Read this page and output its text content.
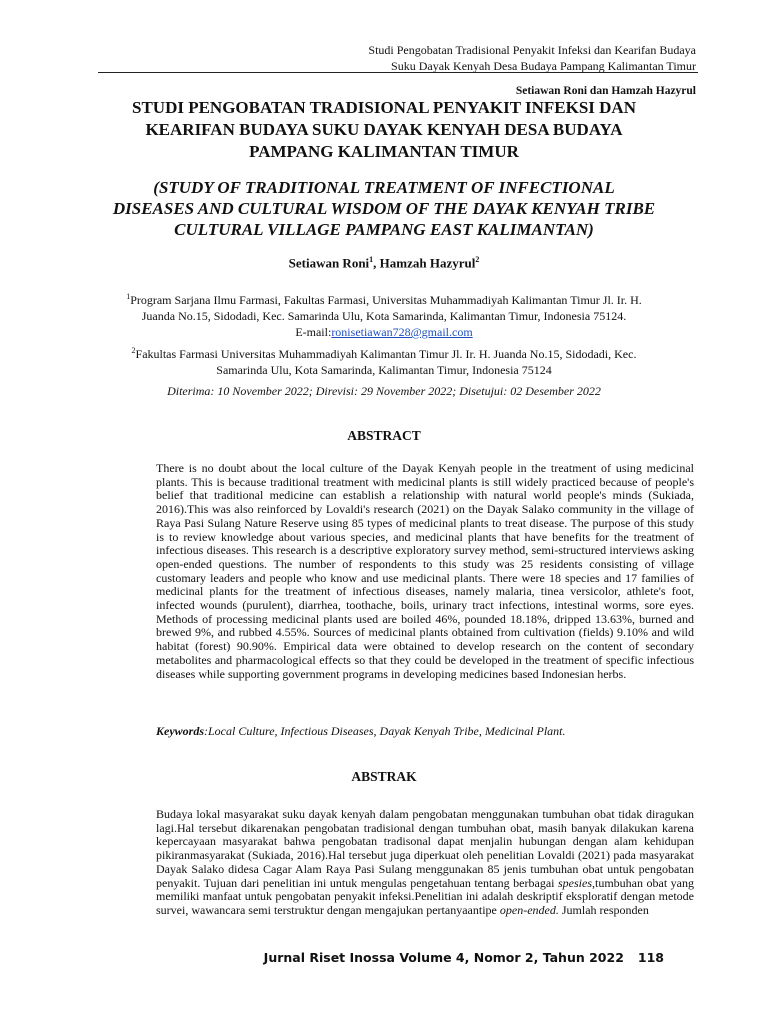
Studi Pengobatan Tradisional Penyakit Infeksi dan Kearifan Budaya
Suku Dayak Kenyah Desa Budaya Pampang Kalimantan Timur
Setiawan Roni dan Hamzah Hazyrul
STUDI PENGOBATAN TRADISIONAL PENYAKIT INFEKSI DAN
KEARIFAN BUDAYA SUKU DAYAK KENYAH DESA BUDAYA
PAMPANG KALIMANTAN TIMUR
(STUDY OF TRADITIONAL TREATMENT OF INFECTIONAL
DISEASES AND CULTURAL WISDOM OF THE DAYAK KENYAH TRIBE
CULTURAL VILLAGE PAMPANG EAST KALIMANTAN)
Setiawan Roni$^1$, Hamzah Hazyrul$^2$
$^1$Program Sarjana Ilmu Farmasi, Fakultas Farmasi, Universitas Muhammadiyah Kalimantan Timur Jl. Ir. H.
Juanda No.15, Sidodadi, Kec. Samarinda Ulu, Kota Samarinda, Kalimantan Timur, Indonesia 75124.
E-mail:ronisetiawan728@gmail.com
$^2$Fakultas Farmasi Universitas Muhammadiyah Kalimantan Timur Jl. Ir. H. Juanda No.15, Sidodadi, Kec.
Samarinda Ulu, Kota Samarinda, Kalimantan Timur, Indonesia 75124
Diterima: 10 November 2022; Direvisi: 29 November 2022; Disetujui: 02 Desember 2022
ABSTRACT

There is no doubt about the local culture of the Dayak Kenyah people in the treatment of using medicinal plants. This is because traditional treatment with medicinal plants is still widely practiced because of people's belief that traditional medicine can establish a relationship with natural world people's minds (Sukiada, 2016).This was also reinforced by Lovaldi's research (2021) on the Dayak Salako community in the village of Raya Pasi Sulang Nature Reserve using 85 types of medicinal plants to treat disease. The purpose of this study is to review knowledge about various species, and medicinal plants that have benefits for the treatment of infectious diseases. This research is a descriptive exploratory survey method, semi-structured interviews asking open-ended questions. The number of respondents to this study was 25 residents consisting of village customary leaders and people who know and use medicinal plants. There were 18 species and 17 families of medicinal plants for the treatment of infectious diseases, namely malaria, tinea versicolor, athlete's foot, infected wounds (purulent), diarrhea, toothache, boils, urinary tract infections, intestinal worms, sore eyes. Methods of processing medicinal plants used are boiled 46%, pounded 18.18%, dripped 13.63%, burned and brewed 9%, and rubbed 4.55%. Sources of medicinal plants obtained from cultivation (fields) 9.10% and wild habitat (forest) 90.90%. Empirical data were obtained to develop research on the content of secondary metabolites and pharmacological effects so that they could be developed in the treatment of specific infectious diseases while supporting government programs in developing medicines based Indonesian herbs.

Keywords:Local Culture, Infectious Diseases, Dayak Kenyah Tribe, Medicinal Plant.
ABSTRAK

Budaya lokal masyarakat suku dayak kenyah dalam pengobatan menggunakan tumbuhan obat tidak diragukan lagi.Hal tersebut dikarenakan pengobatan tradisional dengan tumbuhan obat, masih banyak dilakukan karena kepercayaan masyarakat bahwa pengobatan tradisonal dapat menjalin hubungan dengan alam kehidupan pikiranmasyarakat (Sukiada, 2016).Hal tersebut juga diperkuat oleh penelitian Lovaldi (2021) pada masyarakat Dayak Salako didesa Cagar Alam Raya Pasi Sulang menggunakan 85 jenis tumbuhan obat untuk pengobatan penyakit. Tujuan dari penelitian ini untuk mengulas pengetahuan tentang berbagai spesies,tumbuhan obat yang memiliki manfaat untuk pengobatan penyakit infeksi.Penelitian ini adalah deskriptif eksploratif dengan metode survei, wawancara semi terstruktur dengan mengajukan pertanyaantipe open-ended. Jumlah responden

Jurnal Riset Inossa Volume 4, Nomor 2, Tahun 2022 118
